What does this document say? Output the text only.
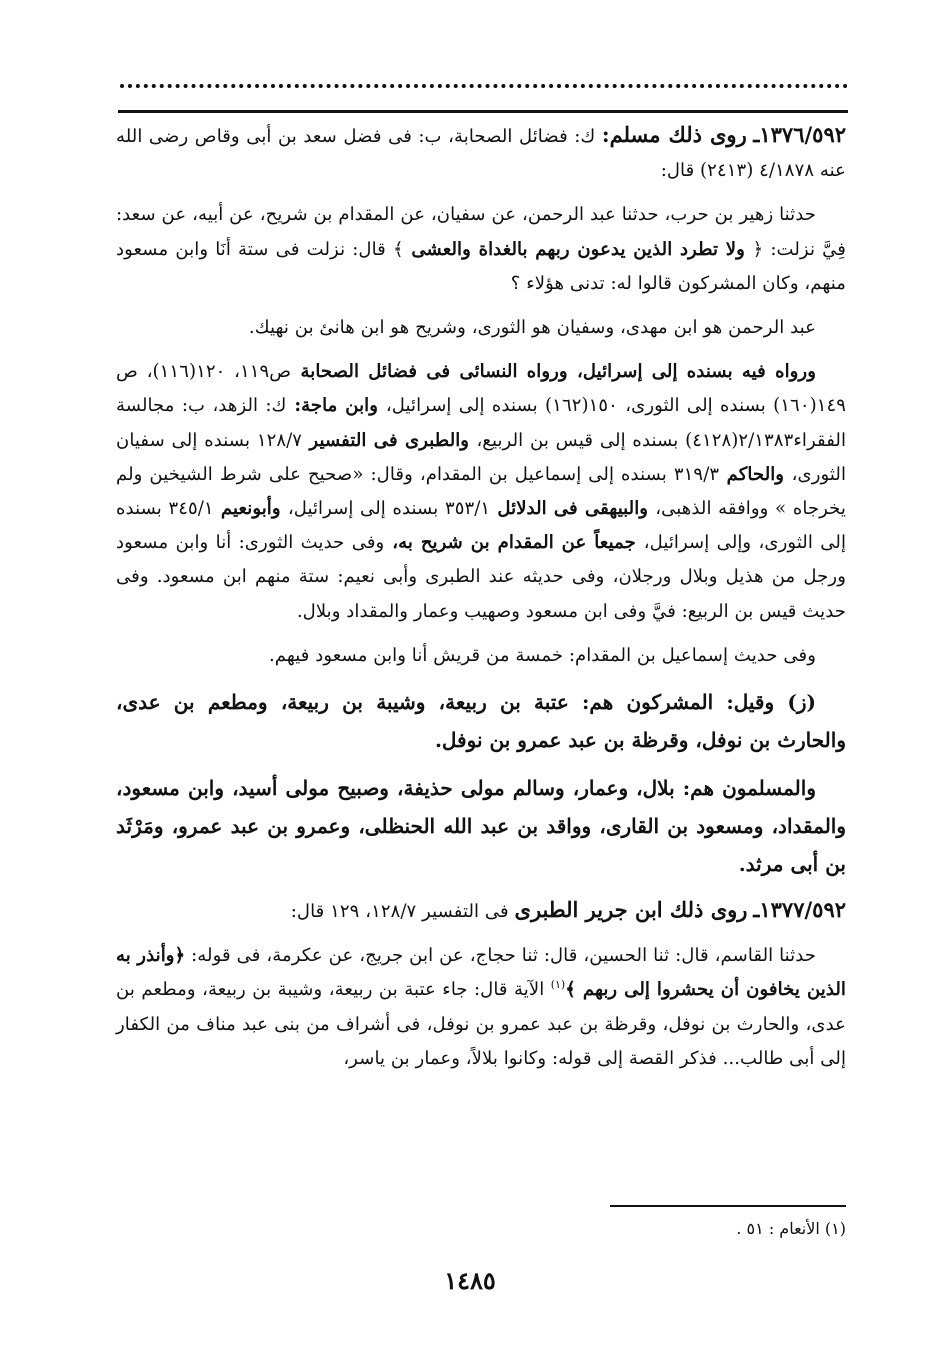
١٣٧٦/٥٩٢ـ روى ذلك مسلم: ك: فضائل الصحابة، ب: فى فضل سعد بن أبى وقاص رضى الله عنه ٤/١٨٧٨ (٢٤١٣) قال:

حدثنا زهير بن حرب، حدثنا عبد الرحمن، عن سفيان، عن المقدام بن شريح، عن أبيه، عن سعد: فِيَّ نزلت: ﴿ ولا تطرد الذين يدعون ربهم بالغداة والعشى ﴾ قال: نزلت فى ستة أنَا وابن مسعود منهم، وكان المشركون قالوا له: تدنى هؤلاء ؟

عبد الرحمن هو ابن مهدى، وسفيان هو الثورى، وشريح هو ابن هانئ بن نهيك.

ورواه فيه بسنده إلى إسرائيل، ورواه النسائى فى فضائل الصحابة ص١١٩، ١٢٠(١١٦)، ص ١٤٩(١٦٠) بسنده إلى الثورى، ١٥٠(١٦٢) بسنده إلى إسرائيل، وابن ماجة: ك: الزهد، ب: مجالسة الفقراء٢/١٣٨٣(٤١٢٨) بسنده إلى قيس بن الربيع، والطبرى فى التفسير ١٢٨/٧ بسنده إلى سفيان الثورى، والحاكم ٣١٩/٣ بسنده إلى إسماعيل بن المقدام، وقال: «صحيح على شرط الشيخين ولم يخرجاه » ووافقه الذهبى، والبيهقى فى الدلائل ٣٥٣/١ بسنده إلى إسرائيل، وأبونعيم ٣٤٥/١ بسنده إلى الثورى، وإلى إسرائيل، جميعاً عن المقدام بن شريح به، وفى حديث الثورى: أنا وابن مسعود ورجل من هذيل وبلال ورجلان، وفى حديثه عند الطبرى وأبى نعيم: ستة منهم ابن مسعود. وفى حديث قيس بن الربيع: فيَّ وفى ابن مسعود وصهيب وعمار والمقداد وبلال.

وفى حديث إسماعيل بن المقدام: خمسة من قريش أنا وابن مسعود فيهم.

(ز) وقيل: المشركون هم: عتبة بن ربيعة، وشيبة بن ربيعة، ومطعم بن عدى، والحارث بن نوفل، وقرظة بن عبد عمرو بن نوفل.

والمسلمون هم: بلال، وعمار، وسالم مولى حذيفة، وصبيح مولى أسيد، وابن مسعود، والمقداد، ومسعود بن القارى، وواقد بن عبد الله الحنظلى، وعمرو بن عبد عمرو، ومَرْثَد بن أبى مرثد.

١٣٧٧/٥٩٢ـ روى ذلك ابن جرير الطبرى فى التفسير ١٢٨/٧، ١٢٩ قال:

حدثنا القاسم، قال: ثنا الحسين، قال: ثنا حجاج، عن ابن جريج، عن عكرمة، فى قوله: ﴿وأنذر به الذين يخافون أن يحشروا إلى ربهم ﴾$^{(١)}$ الآية قال: جاء عتبة بن ربيعة، وشيبة بن ربيعة، ومطعم بن عدى، والحارث بن نوفل، وقرظة بن عبد عمرو بن نوفل، فى أشراف من بنى عبد مناف من الكفار إلى أبى طالب... فذكر القصة إلى قوله: وكانوا بلالاً، وعمار بن ياسر،

(١) الأنعام : ٥١ .
١٤٨٥
